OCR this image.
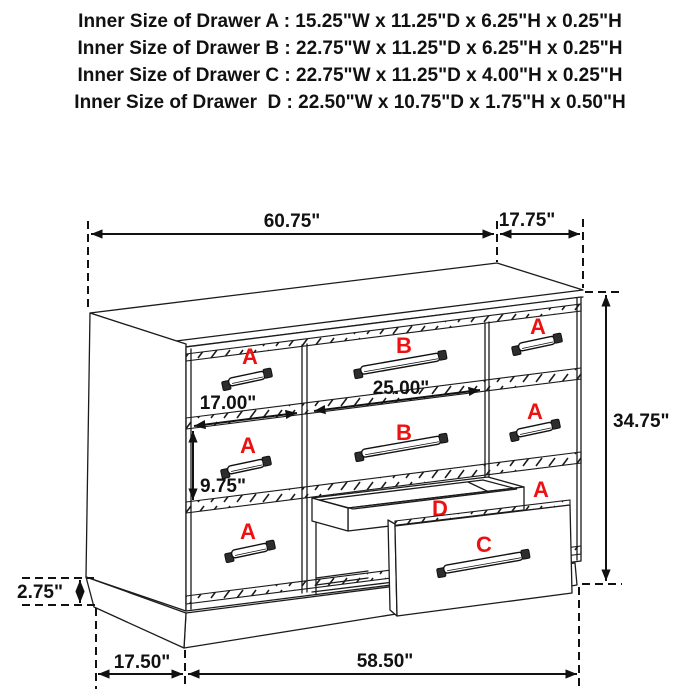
Inner Size of Drawer A : 15.25"W x 11.25"D x 6.25"H x 0.25"H
Inner Size of Drawer B : 22.75"W x 11.25"D x 6.25"H x 0.25"H
Inner Size of Drawer C : 22.75"W x 11.25"D x 4.00"H x 0.25"H
Inner Size of Drawer  D : 22.50"W x 10.75"D x 1.75"H x 0.50"H
A
A
A
A
A
A
B
B
D
C
60.75"	17.75"
34.75"
17.00"
25.00"
9.75"
2.75"
17.50"	58.50"
